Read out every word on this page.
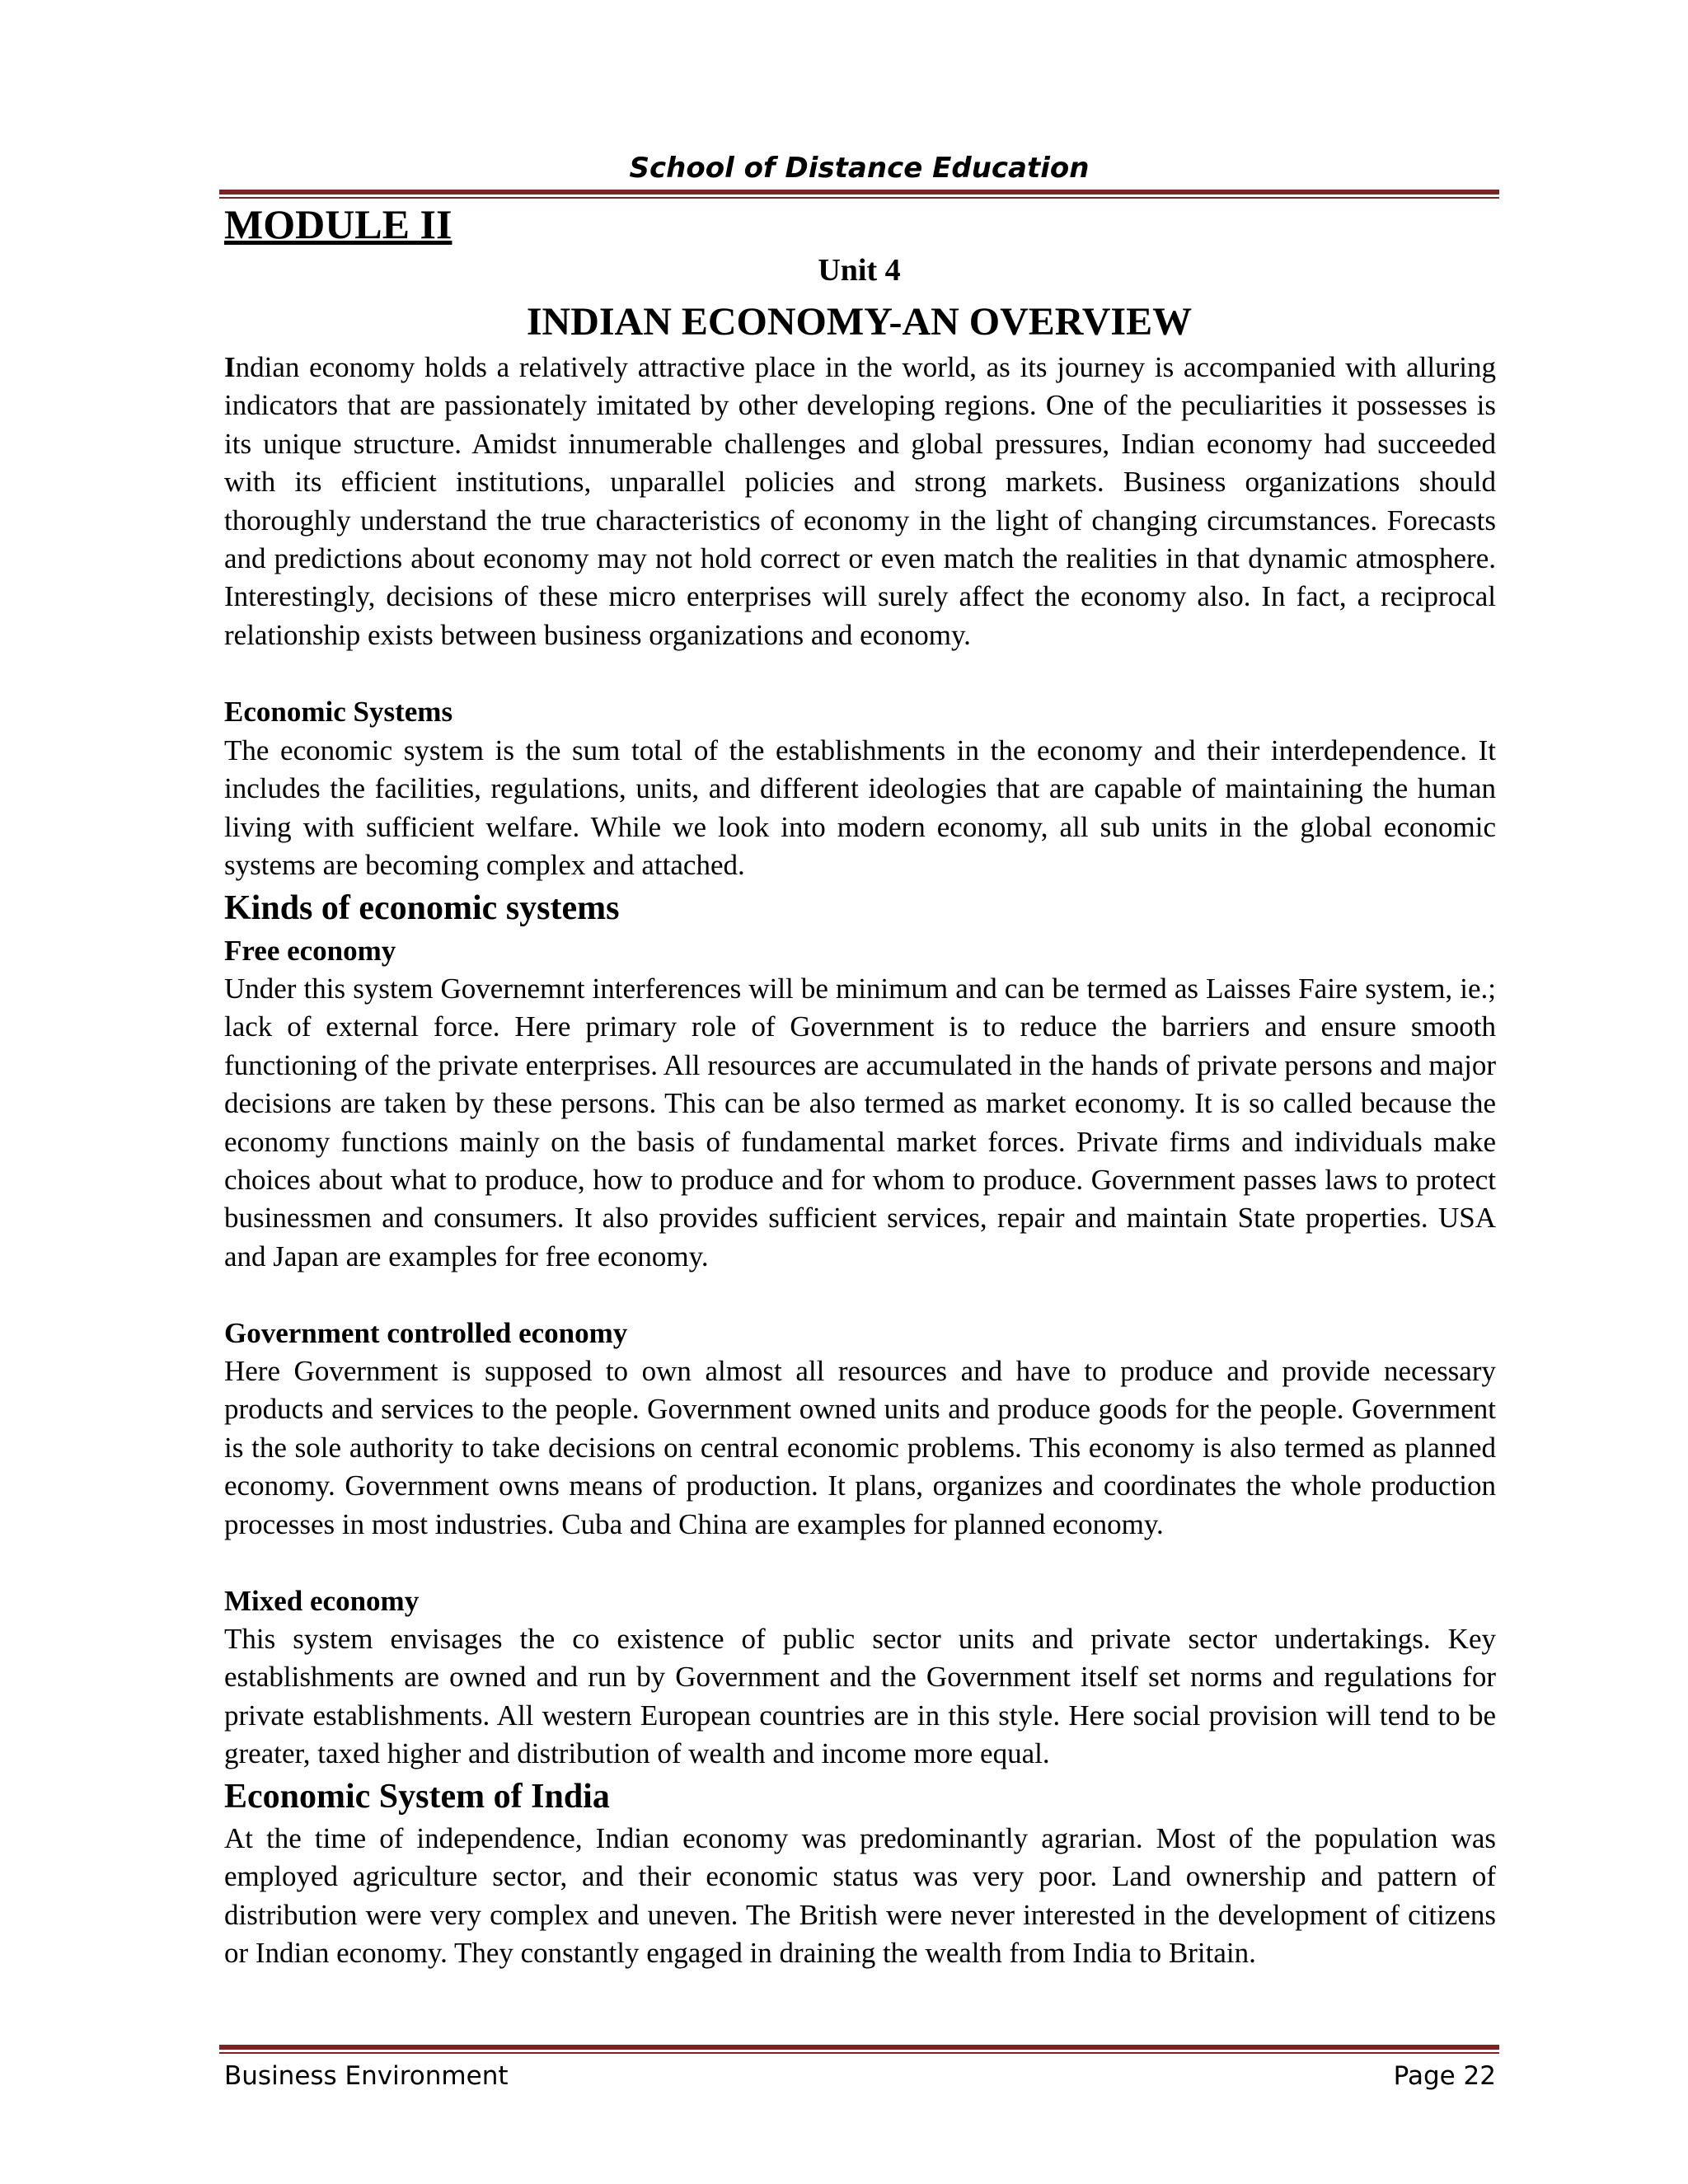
School of Distance Education
MODULE II
Unit 4
INDIAN ECONOMY-AN OVERVIEW
Indian economy holds a relatively attractive place in the world, as its journey is accompanied with alluring indicators that are passionately imitated by other developing regions. One of the peculiarities it possesses is its unique structure. Amidst innumerable challenges and global pressures, Indian economy had succeeded with its efficient institutions, unparallel policies and strong markets. Business organizations should thoroughly understand the true characteristics of economy in the light of changing circumstances. Forecasts and predictions about economy may not hold correct or even match the realities in that dynamic atmosphere. Interestingly, decisions of these micro enterprises will surely affect the economy also. In fact, a reciprocal relationship exists between business organizations and economy.
Economic Systems
The economic system is the sum total of the establishments in the economy and their interdependence. It includes the facilities, regulations, units, and different ideologies that are capable of maintaining the human living with sufficient welfare. While we look into modern economy, all sub units in the global economic systems are becoming complex and attached.
Kinds of economic systems
Free economy
Under this system Governemnt interferences will be minimum and can be termed as Laisses Faire system, ie.; lack of external force. Here primary role of Government is to reduce the barriers and ensure smooth functioning of the private enterprises. All resources are accumulated in the hands of private persons and major decisions are taken by these persons. This can be also termed as market economy. It is so called because the economy functions mainly on the basis of fundamental market forces. Private firms and individuals make choices about what to produce, how to produce and for whom to produce. Government passes laws to protect businessmen and consumers. It also provides sufficient services, repair and maintain State properties. USA and Japan are examples for free economy.
Government controlled economy
Here Government is supposed to own almost all resources and have to produce and provide necessary products and services to the people. Government owned units and produce goods for the people. Government is the sole authority to take decisions on central economic problems. This economy is also termed as planned economy. Government owns means of production. It plans, organizes and coordinates the whole production processes in most industries. Cuba and China are examples for planned economy.
Mixed economy
This system envisages the co existence of public sector units and private sector undertakings. Key establishments are owned and run by Government and the Government itself set norms and regulations for private establishments. All western European countries are in this style. Here social provision will tend to be greater, taxed higher and distribution of wealth and income more equal.
Economic System of India
At the time of independence, Indian economy was predominantly agrarian. Most of the population was employed agriculture sector, and their economic status was very poor. Land ownership and pattern of distribution were very complex and uneven. The British were never interested in the development of citizens or Indian economy. They constantly engaged in draining the wealth from India to Britain.
Business Environment	Page 22
